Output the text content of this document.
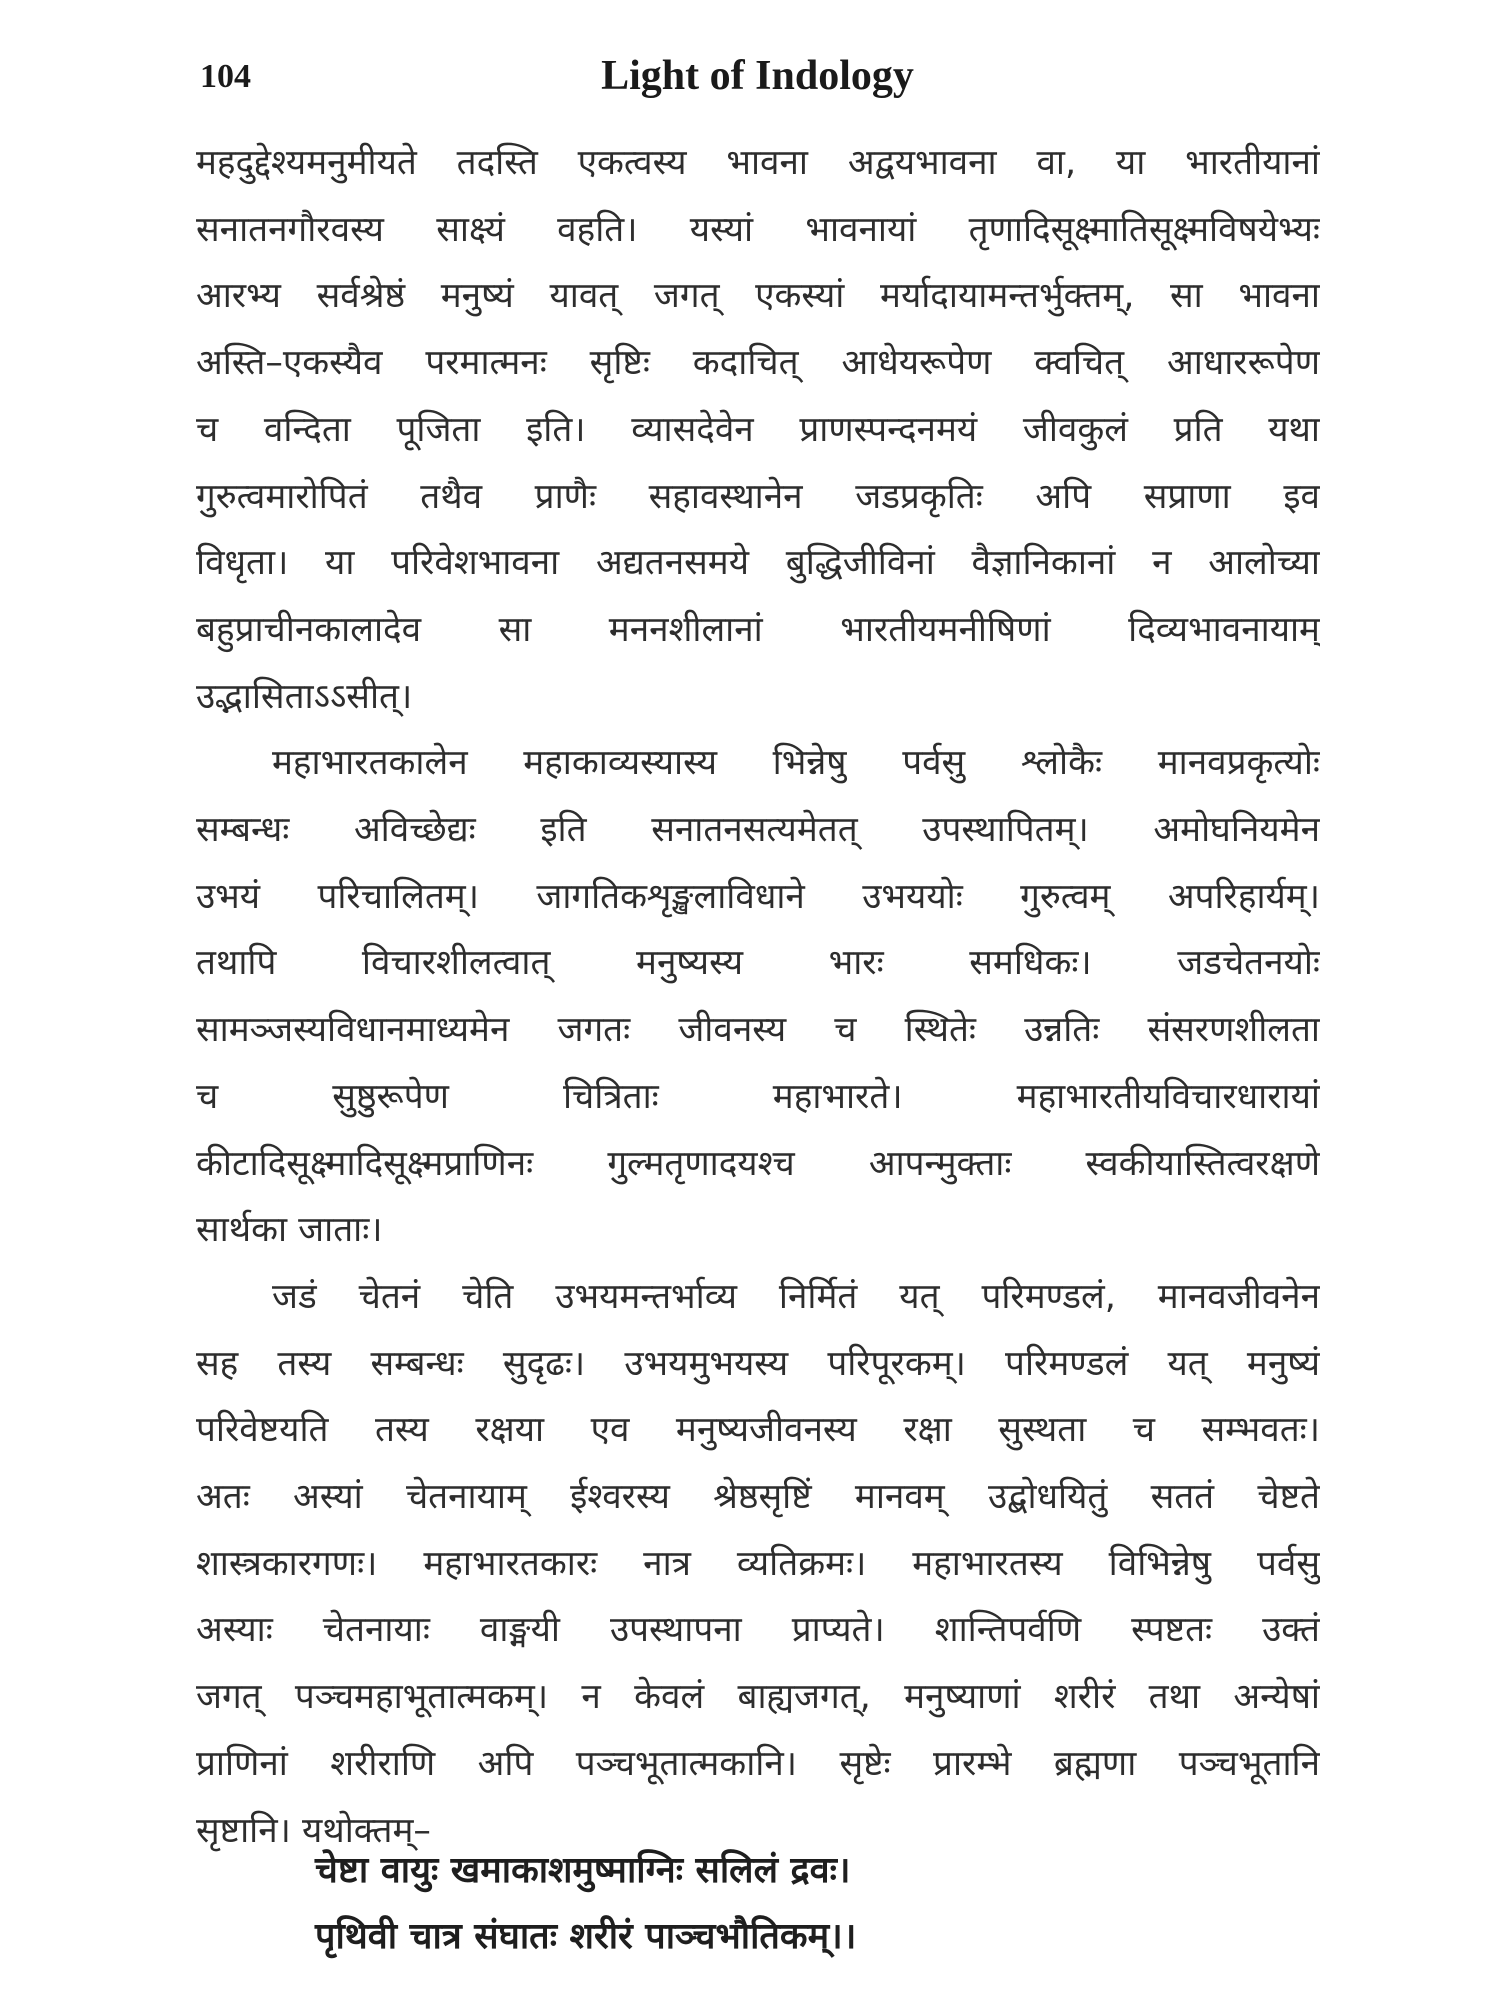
104	Light of Indology
महदुद्देश्यमनुमीयते तदस्ति एकत्वस्य भावना अद्वयभावना वा, या भारतीयानां
सनातनगौरवस्य साक्ष्यं वहति। यस्यां भावनायां तृणादिसूक्ष्मातिसूक्ष्मविषयेभ्यः
आरभ्य सर्वश्रेष्ठं मनुष्यं यावत् जगत् एकस्यां मर्यादायामन्तर्भुक्तम्, सा भावना
अस्ति–एकस्यैव परमात्मनः सृष्टिः कदाचित् आधेयरूपेण क्वचित् आधाररूपेण
च वन्दिता पूजिता इति। व्यासदेवेन प्राणस्पन्दनमयं जीवकुलं प्रति यथा
गुरुत्वमारोपितं तथैव प्राणैः सहावस्थानेन जडप्रकृतिः अपि सप्राणा इव
विधृता। या परिवेशभावना अद्यतनसमये बुद्धिजीविनां वैज्ञानिकानां न आलोच्या
बहुप्राचीनकालादेव सा मननशीलानां भारतीयमनीषिणां दिव्यभावनायाम्
उद्भासिताऽऽसीत्।
महाभारतकालेन महाकाव्यस्यास्य भिन्नेषु पर्वसु श्लोकैः मानवप्रकृत्योः
सम्बन्धः अविच्छेद्यः इति सनातनसत्यमेतत् उपस्थापितम्। अमोघनियमेन
उभयं परिचालितम्। जागतिकशृङ्खलाविधाने उभययोः गुरुत्वम् अपरिहार्यम्।
तथापि विचारशीलत्वात् मनुष्यस्य भारः समधिकः। जडचेतनयोः
सामञ्जस्यविधानमाध्यमेन जगतः जीवनस्य च स्थितेः उन्नतिः संसरणशीलता
च सुष्ठुरूपेण चित्रिताः महाभारते। महाभारतीयविचारधारायां
कीटादिसूक्ष्मादिसूक्ष्मप्राणिनः गुल्मतृणादयश्च आपन्मुक्ताः स्वकीयास्तित्वरक्षणे
सार्थका जाताः।
जडं चेतनं चेति उभयमन्तर्भाव्य निर्मितं यत् परिमण्डलं, मानवजीवनेन
सह तस्य सम्बन्धः सुदृढः। उभयमुभयस्य परिपूरकम्। परिमण्डलं यत् मनुष्यं
परिवेष्टयति तस्य रक्षया एव मनुष्यजीवनस्य रक्षा सुस्थता च सम्भवतः।
अतः अस्यां चेतनायाम् ईश्वरस्य श्रेष्ठसृष्टिं मानवम् उद्बोधयितुं सततं चेष्टते
शास्त्रकारगणः। महाभारतकारः नात्र व्यतिक्रमः। महाभारतस्य विभिन्नेषु पर्वसु
अस्याः चेतनायाः वाङ्मयी उपस्थापना प्राप्यते। शान्तिपर्वणि स्पष्टतः उक्तं
जगत् पञ्चमहाभूतात्मकम्। न केवलं बाह्यजगत्, मनुष्याणां शरीरं तथा अन्येषां
प्राणिनां शरीराणि अपि पञ्चभूतात्मकानि। सृष्टेः प्रारम्भे ब्रह्मणा पञ्चभूतानि
सृष्टानि। यथोक्तम्–
चेष्टा वायुः खमाकाशमुष्माग्निः सलिलं द्रवः।
पृथिवी चात्र संघातः शरीरं पाञ्चभौतिकम्।।
